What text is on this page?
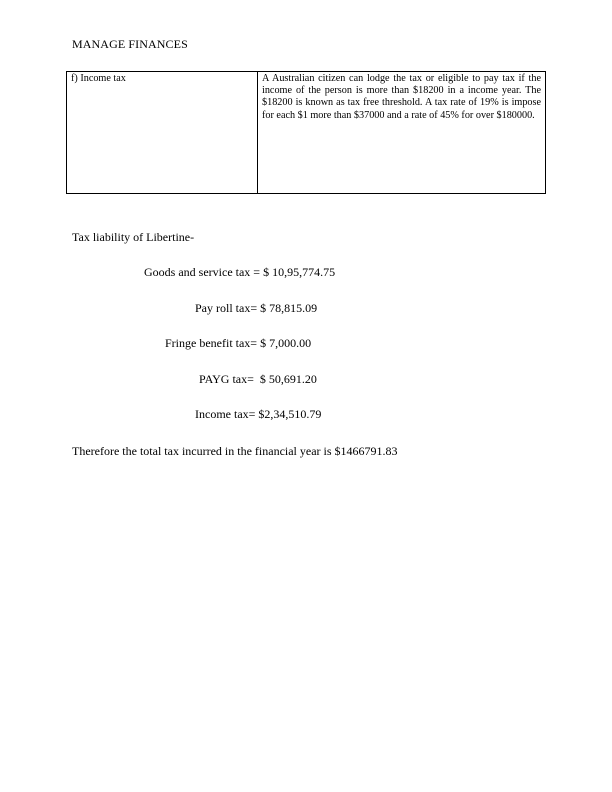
MANAGE FINANCES
f) Income tax	A Australian citizen can lodge the tax or eligible to pay tax if the income of the person is more than $18200 in a income year. The $18200 is known as tax free threshold. A tax rate of 19% is impose for each $1 more than $37000 and a rate of 45% for over $180000.
Tax liability of Libertine-
Goods and service tax = $ 10,95,774.75
Pay roll tax= $ 78,815.09
Fringe benefit tax= $ 7,000.00
PAYG tax=  $ 50,691.20
Income tax= $2,34,510.79
Therefore the total tax incurred in the financial year is $1466791.83
